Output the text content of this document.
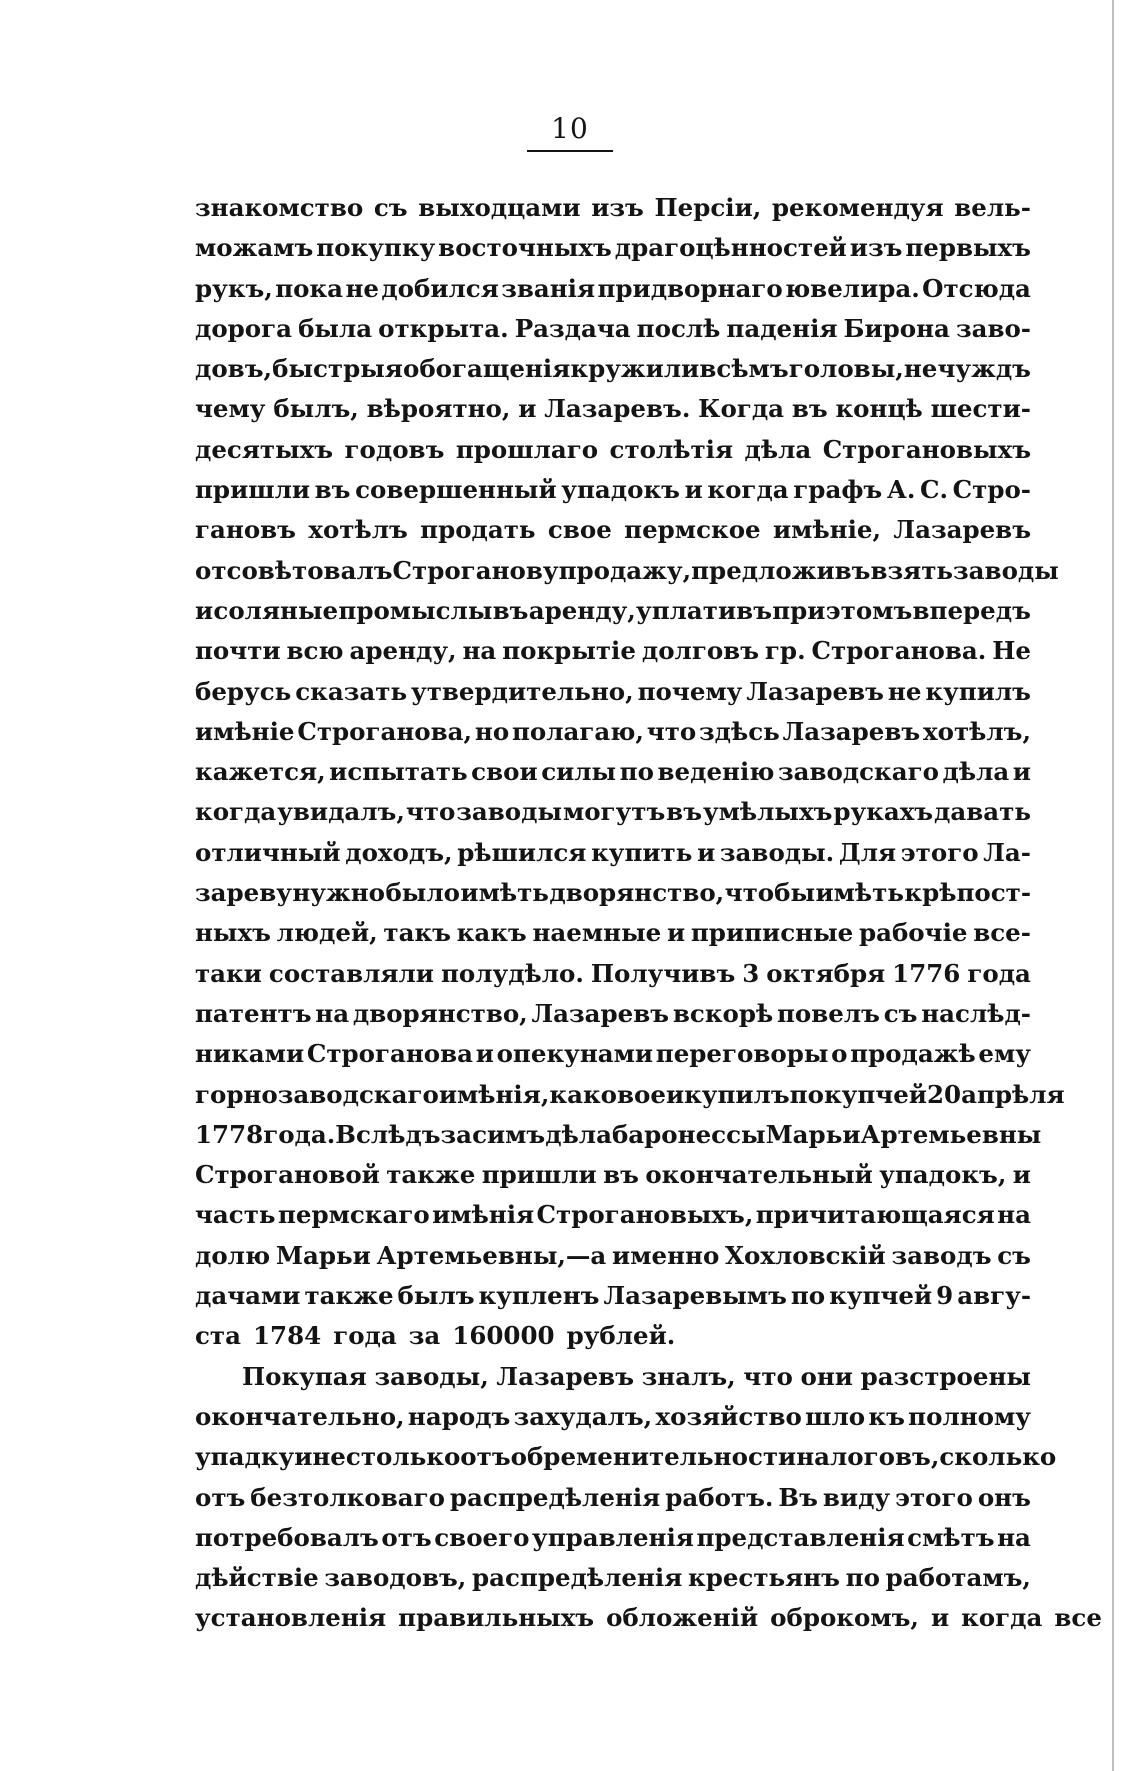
10
знакомство съ выходцами изъ Персіи, рекомендуя вель-
можамъ покупку восточныхъ драгоцѣнностей изъ первыхъ
рукъ, пока не добился званія придворнаго ювелира. Отсюда
дорога была открыта. Раздача послѣ паденія Бирона заво-
довъ, быстрыя обогащенія кружили всѣмъ головы, не чуждъ
чему былъ, вѣроятно, и Лазаревъ. Когда въ концѣ шести-
десятыхъ годовъ прошлаго столѣтія дѣла Строгановыхъ
пришли въ совершенный упадокъ и когда графъ А. С. Стро-
гановъ хотѣлъ продать свое пермское имѣніе, Лазаревъ
отсовѣтовалъ Строганову продажу, предложивъ взять заводы
и соляные промыслы въ аренду, уплативъ при этомъ впередъ
почти всю аренду, на покрытіе долговъ гр. Строганова. Не
берусь сказать утвердительно, почему Лазаревъ не купилъ
имѣніе Строганова, но полагаю, что здѣсь Лазаревъ хотѣлъ,
кажется, испытать свои силы по веденію заводскаго дѣла и
когда увидалъ, что заводы могутъ въ умѣлыхъ рукахъ давать
отличный доходъ, рѣшился купить и заводы. Для этого Ла-
зареву нужно было имѣть дворянство, чтобы имѣть крѣпост-
ныхъ людей, такъ какъ наемные и приписные рабочіе все-
таки составляли полудѣло. Получивъ 3 октября 1776 года
патентъ на дворянство, Лазаревъ вскорѣ повелъ съ наслѣд-
никами Строганова и опекунами переговоры о продажѣ ему
горнозаводскаго имѣнія, каковое и купилъ по купчей 20 апрѣля
1778 года. Вслѣдъ за симъ дѣла баронессы Марьи Артемьевны
Строгановой также пришли въ окончательный упадокъ, и
часть пермскаго имѣнія Строгановыхъ, причитающаяся на
долю Марьи Артемьевны,—а именно Хохловскій заводъ съ
дачами также былъ купленъ Лазаревымъ по купчей 9 авгу-
ста 1784 года за 160000 рублей.
Покупая заводы, Лазаревъ зналъ, что они разстроены
окончательно, народъ захудалъ, хозяйство шло къ полному
упадку и не столько отъ обременительности налоговъ, сколько
отъ безтолковаго распредѣленія работъ. Въ виду этого онъ
потребовалъ отъ своего управленія представленія смѣтъ на
дѣйствіе заводовъ, распредѣленія крестьянъ по работамъ,
установленія правильныхъ обложеній оброкомъ, и когда все
